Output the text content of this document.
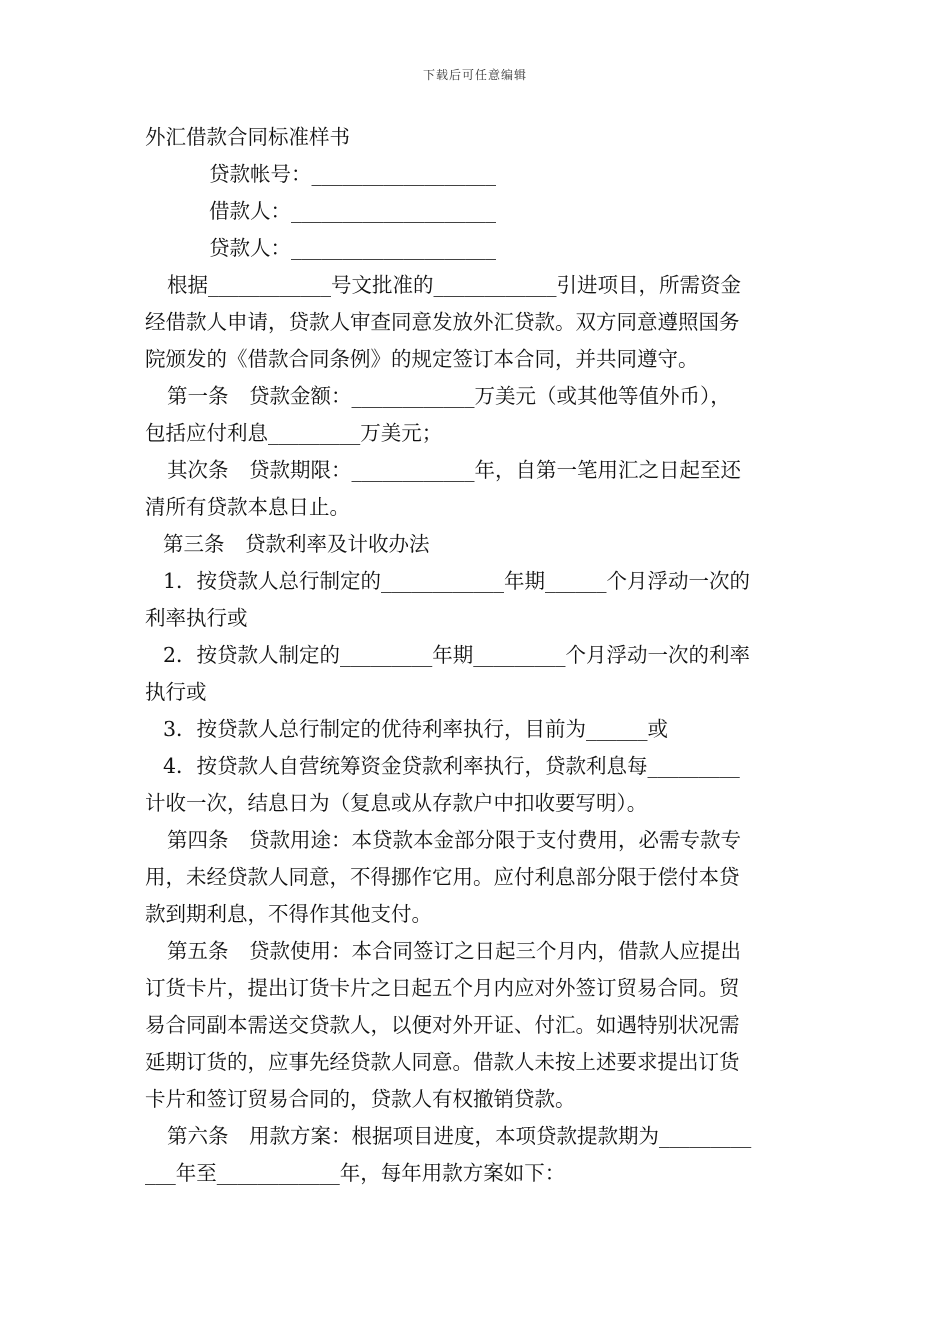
下载后可任意编辑
外汇借款合同标准样书
贷款帐号：__________________
借款人：____________________
贷款人：____________________
根据____________号文批准的____________引进项目，所需资金
经借款人申请，贷款人审查同意发放外汇贷款。双方同意遵照国务
院颁发的《借款合同条例》的规定签订本合同，并共同遵守。
第一条　贷款金额：____________万美元（或其他等值外币），
包括应付利息_________万美元；
其次条　贷款期限：____________年，自第一笔用汇之日起至还
清所有贷款本息日止。
第三条　贷款利率及计收办法
1．按贷款人总行制定的____________年期______个月浮动一次的
利率执行或
2．按贷款人制定的_________年期_________个月浮动一次的利率
执行或
3．按贷款人总行制定的优待利率执行，目前为______或
4．按贷款人自营统筹资金贷款利率执行，贷款利息每_________
计收一次，结息日为（复息或从存款户中扣收要写明）。
第四条　贷款用途：本贷款本金部分限于支付费用，必需专款专
用，未经贷款人同意，不得挪作它用。应付利息部分限于偿付本贷
款到期利息，不得作其他支付。
第五条　贷款使用：本合同签订之日起三个月内，借款人应提出
订货卡片，提出订货卡片之日起五个月内应对外签订贸易合同。贸
易合同副本需送交贷款人，以便对外开证、付汇。如遇特别状况需
延期订货的，应事先经贷款人同意。借款人未按上述要求提出订货
卡片和签订贸易合同的，贷款人有权撤销贷款。
第六条　用款方案：根据项目进度，本项贷款提款期为_________
___年至____________年，每年用款方案如下：
